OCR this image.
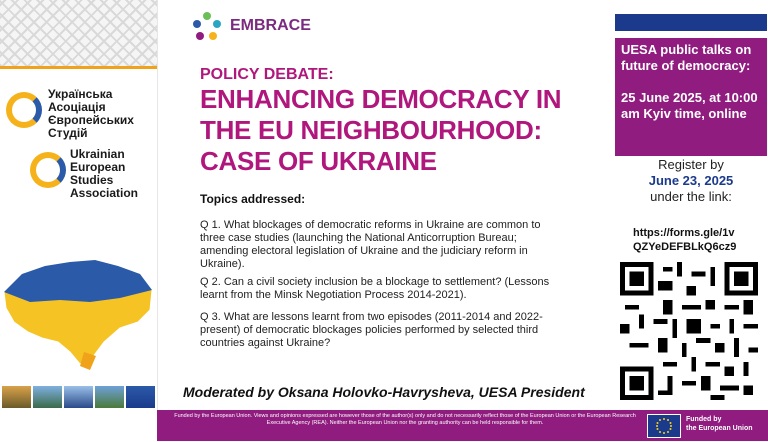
Українська
Асоціація
Європейських
Студій
Ukrainian
European
Studies
Association
EMBRACE
POLICY DEBATE:
ENHANCING DEMOCRACY IN
THE EU NEIGHBOURHOOD:
CASE OF UKRAINE
Topics addressed:
Q 1. What blockages of democratic reforms in Ukraine are common to three case studies (launching the National Anticorruption Bureau; amending electoral legislation of Ukraine and the judiciary reform in Ukraine).
Q 2. Can a civil society inclusion be a blockage to settlement? (Lessons learnt from the Minsk Negotiation Process 2014-2021).
Q 3. What are lessons learnt from two episodes (2011-2014 and 2022-present) of democratic blockages policies performed by selected third countries against Ukraine?
Moderated by Oksana Holovko-Havrysheva, UESA President
UESA public talks on future of democracy:
25 June 2025, at 10:00 am Kyiv time, online
Register by
June 23, 2025
under the link:
https://forms.gle/1v
QZYeDEFBLkQ6cz9
Funded by the European Union. Views and opinions expressed are however those of the author(s) only and do not necessarily reflect those of the European Union or the European Research Executive Agency (REA). Neither the European Union nor the granting authority can be held responsible for them.	Funded by
the European Union
